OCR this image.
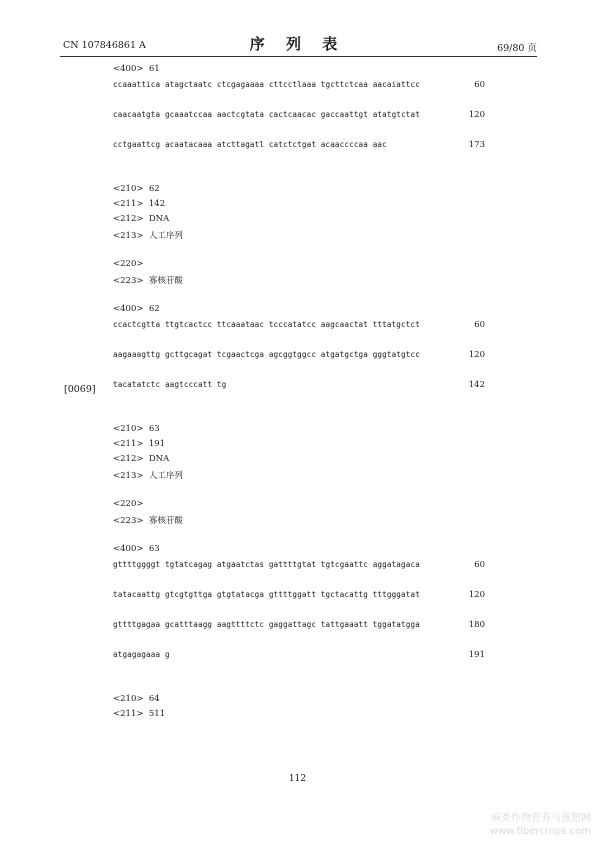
CN 107846861 A	序 列 表	69/80 页
<400>  61
ccaaattica atagctaatc ctcgagaaaa cttcctlaaa tgcttctcaa aacaiattcc	60
caacaatgta gcaaatccaa aactcgtata cactcaacac gaccaattgt atatgtctat	120
cctgaattcg acaatacaaa atcttagatl catctctgat acaaccccaa aac	173
<210>  62
<211>  142
<212>  DNA
<213>  人工序列
<220>
<223>  寡核苷酸
<400>  62
ccactcgtta ttgtcactcc ttcaaataac tcccatatcc aagcaactat tttatgctct	60
aagaaagttg gcttgcagat tcgaactcga agcggtggcc atgatgctga gggtatgtcc	120
tacatatctc aagtcccatt tg	142
[0069]
<210>  63
<211>  191
<212>  DNA
<213>  人工序列
<220>
<223>  寡核苷酸
<400>  63
gttttggggt tgtatcagag atgaatctas gattttgtat tgtcgaattc aggatagaca	60
tatacaattg gtcgtgttga gtgtatacga gttttggatt tgctacattg tttgggatat	120
gttttgagaa gcatttaagg aagttttctc gaggattagc tattgaaatt tggatatgga	180
atgagagaaa g	191
<210>  64
<211>  511
112
麻类作物营养与施肥网
www.fibercrops.com
